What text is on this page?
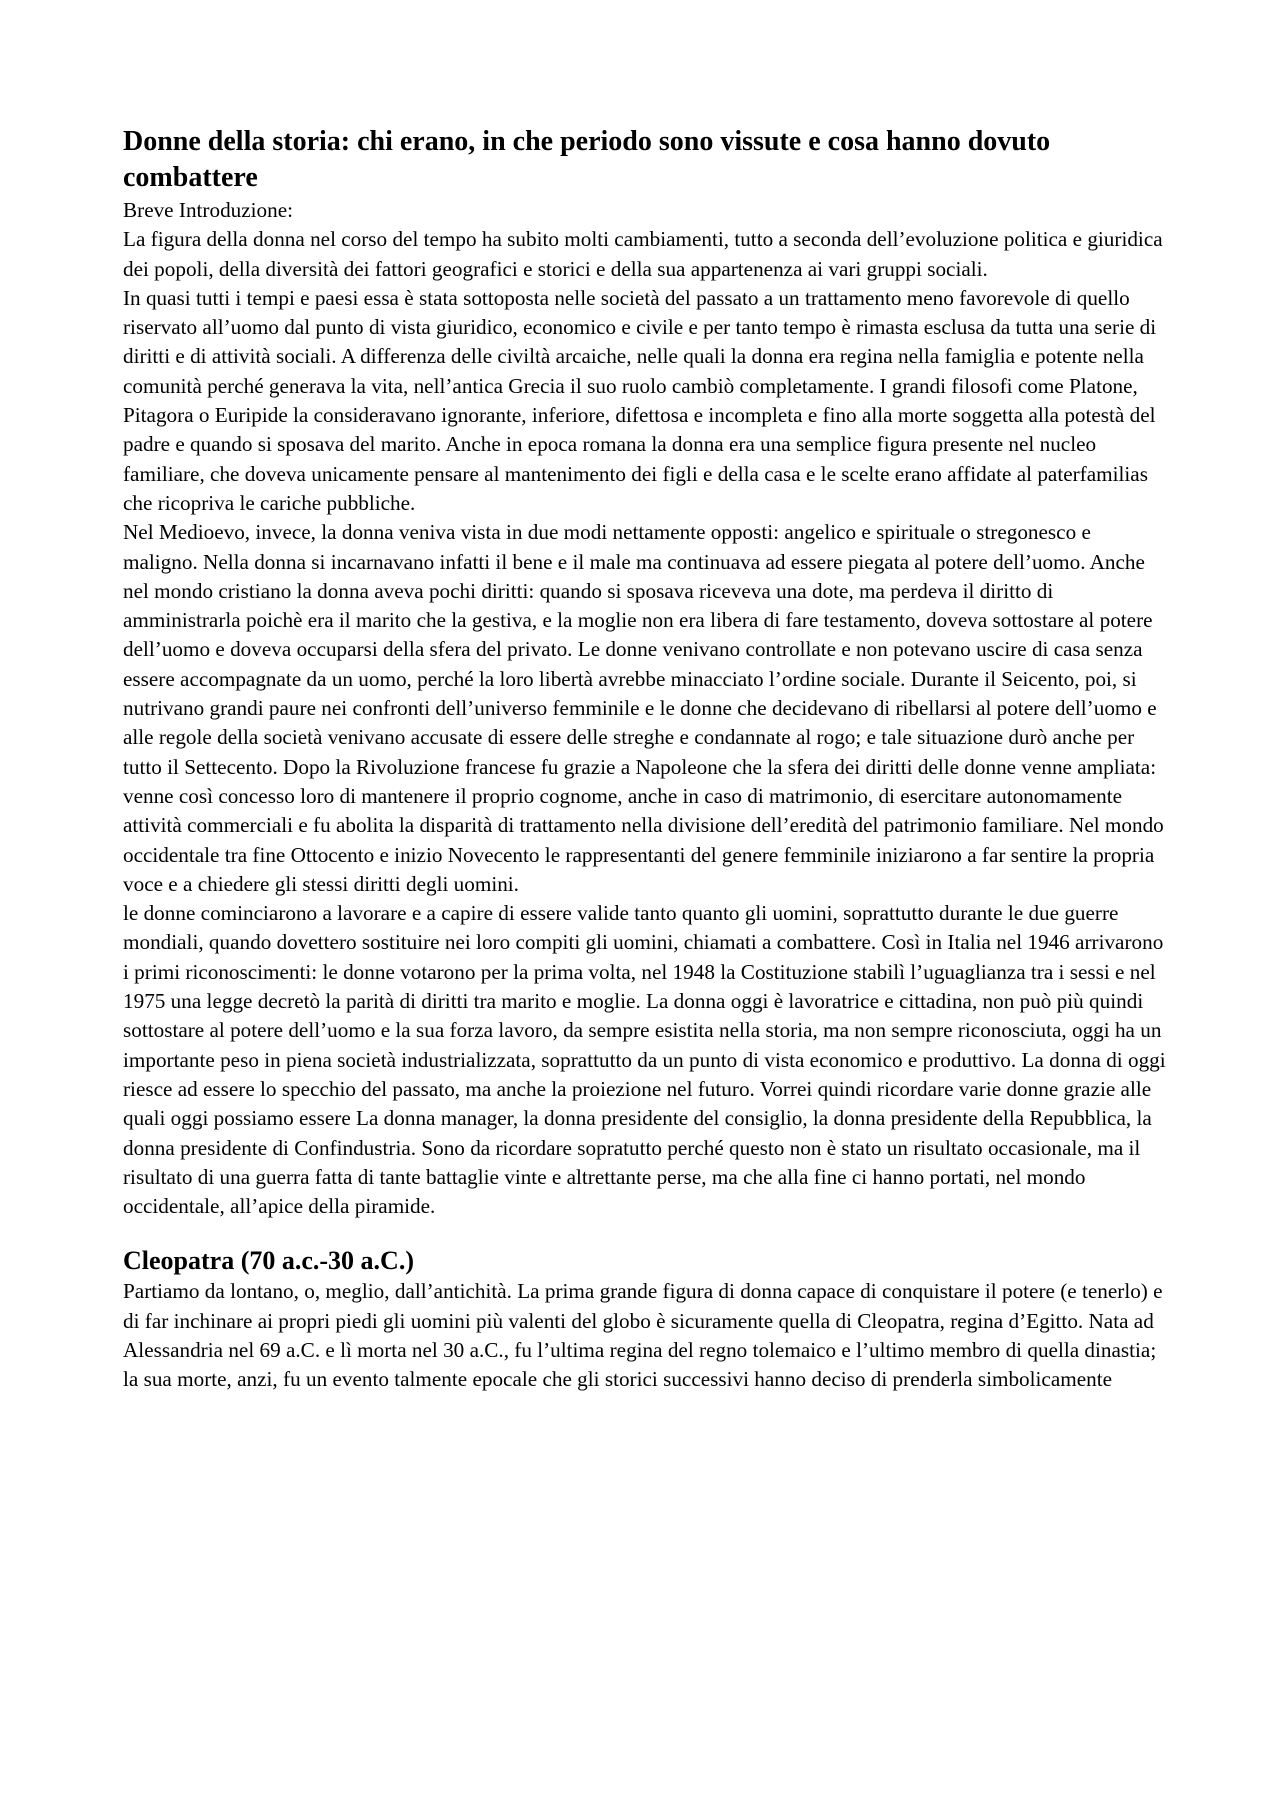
Donne della storia: chi erano, in che periodo sono vissute e cosa hanno dovuto combattere

Breve Introduzione:

La figura della donna nel corso del tempo ha subito molti cambiamenti, tutto a seconda dell’evoluzione politica e giuridica dei popoli, della diversità dei fattori geografici e storici e della sua appartenenza ai vari gruppi sociali.

In quasi tutti i tempi e paesi essa è stata sottoposta nelle società del passato a un trattamento meno favorevole di quello riservato all’uomo dal punto di vista giuridico, economico e civile e per tanto tempo è rimasta esclusa da tutta una serie di diritti e di attività sociali. A differenza delle civiltà arcaiche, nelle quali la donna era regina nella famiglia e potente nella comunità perché generava la vita, nell’antica Grecia il suo ruolo cambiò completamente. I grandi filosofi come Platone, Pitagora o Euripide la consideravano ignorante, inferiore, difettosa e incompleta e fino alla morte soggetta alla potestà del padre e quando si sposava del marito. Anche in epoca romana la donna era una semplice figura presente nel nucleo familiare, che doveva unicamente pensare al mantenimento dei figli e della casa e le scelte erano affidate al paterfamilias che ricopriva le cariche pubbliche.

Nel Medioevo, invece, la donna veniva vista in due modi nettamente opposti: angelico e spirituale o stregonesco e maligno. Nella donna si incarnavano infatti il bene e il male ma continuava ad essere piegata al potere dell’uomo. Anche nel mondo cristiano la donna aveva pochi diritti: quando si sposava riceveva una dote, ma perdeva il diritto di amministrarla poichè era il marito che la gestiva, e la moglie non era libera di fare testamento, doveva sottostare al potere dell’uomo e doveva occuparsi della sfera del privato. Le donne venivano controllate e non potevano uscire di casa senza essere accompagnate da un uomo, perché la loro libertà avrebbe minacciato l’ordine sociale. Durante il Seicento, poi, si nutrivano grandi paure nei confronti dell’universo femminile e le donne che decidevano di ribellarsi al potere dell’uomo e alle regole della società venivano accusate di essere delle streghe e condannate al rogo; e tale situazione durò anche per tutto il Settecento. Dopo la Rivoluzione francese fu grazie a Napoleone che la sfera dei diritti delle donne venne ampliata: venne così concesso loro di mantenere il proprio cognome, anche in caso di matrimonio, di esercitare autonomamente attività commerciali e fu abolita la disparità di trattamento nella divisione dell’eredità del patrimonio familiare. Nel mondo occidentale tra fine Ottocento e inizio Novecento le rappresentanti del genere femminile iniziarono a far sentire la propria voce e a chiedere gli stessi diritti degli uomini.

le donne cominciarono a lavorare e a capire di essere valide tanto quanto gli uomini, soprattutto durante le due guerre mondiali, quando dovettero sostituire nei loro compiti gli uomini, chiamati a combattere. Così in Italia nel 1946 arrivarono i primi riconoscimenti: le donne votarono per la prima volta, nel 1948 la Costituzione stabilì l’uguaglianza tra i sessi e nel 1975 una legge decretò la parità di diritti tra marito e moglie. La donna oggi è lavoratrice e cittadina, non può più quindi sottostare al potere dell’uomo e la sua forza lavoro, da sempre esistita nella storia, ma non sempre riconosciuta, oggi ha un importante peso in piena società industrializzata, soprattutto da un punto di vista economico e produttivo. La donna di oggi riesce ad essere lo specchio del passato, ma anche la proiezione nel futuro. Vorrei quindi ricordare varie donne grazie alle quali oggi possiamo essere La donna manager, la donna presidente del consiglio, la donna presidente della Repubblica, la donna presidente di Confindustria. Sono da ricordare sopratutto perché questo non è stato un risultato occasionale, ma il risultato di una guerra fatta di tante battaglie vinte e altrettante perse, ma che alla fine ci hanno portati, nel mondo occidentale, all’apice della piramide.

Cleopatra (70 a.c.-30 a.C.)

Partiamo da lontano, o, meglio, dall’antichità. La prima grande figura di donna capace di conquistare il potere (e tenerlo) e di far inchinare ai propri piedi gli uomini più valenti del globo è sicuramente quella di Cleopatra, regina d’Egitto. Nata ad Alessandria nel 69 a.C. e lì morta nel 30 a.C., fu l’ultima regina del regno tolemaico e l’ultimo membro di quella dinastia; la sua morte, anzi, fu un evento talmente epocale che gli storici successivi hanno deciso di prenderla simbolicamente
